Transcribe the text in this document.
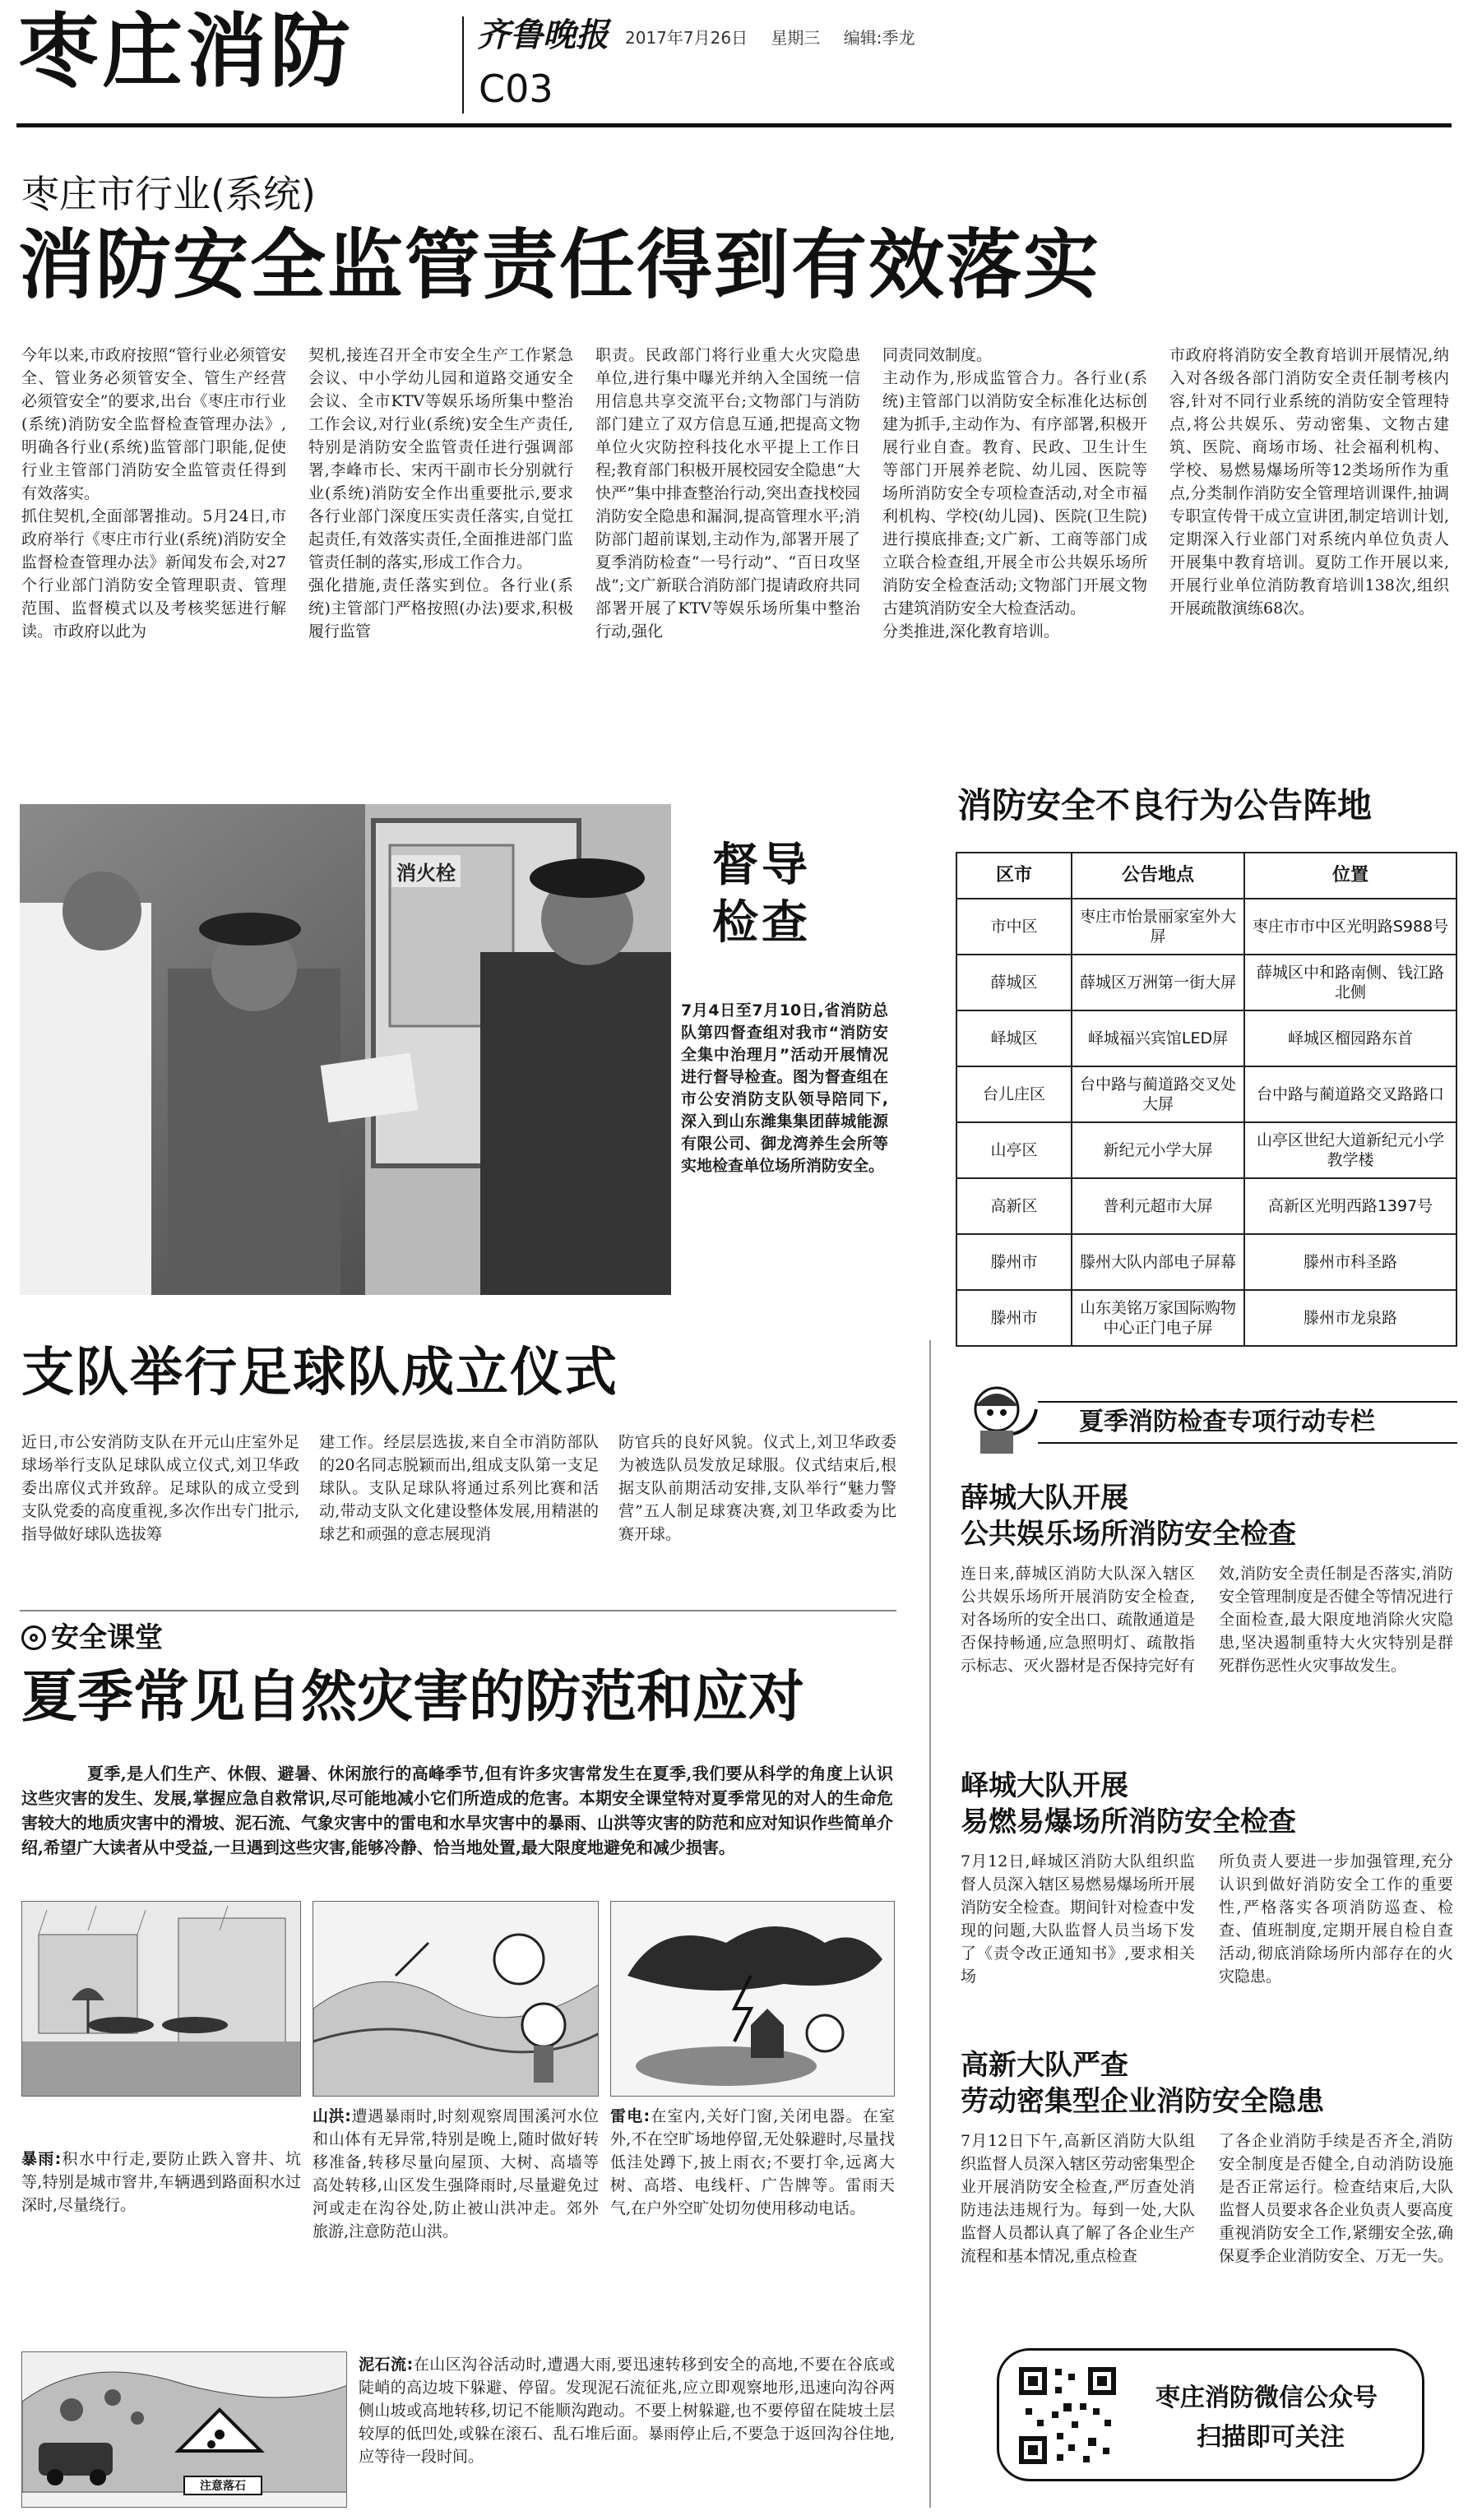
枣庄消防	齐鲁晚报
C03
2017年7月26日 星期三 编辑:季龙
枣庄市行业(系统)
消防安全监管责任得到有效落实
今年以来,市政府按照“管行业必须管安全、管业务必须管安全、管生产经营必须管安全”的要求,出台《枣庄市行业(系统)消防安全监督检查管理办法》,明确各行业(系统)监管部门职能,促使行业主管部门消防安全监管责任得到有效落实。
抓住契机,全面部署推动。5月24日,市政府举行《枣庄市行业(系统)消防安全监督检查管理办法》新闻发布会,对27个行业部门消防安全管理职责、管理范围、监督模式以及考核奖惩进行解读。市政府以此为
契机,接连召开全市安全生产工作紧急会议、中小学幼儿园和道路交通安全会议、全市KTV等娱乐场所集中整治工作会议,对行业(系统)安全生产责任,特别是消防安全监管责任进行强调部署,李峰市长、宋丙干副市长分别就行业(系统)消防安全作出重要批示,要求各行业部门深度压实责任落实,自觉扛起责任,有效落实责任,全面推进部门监管责任制的落实,形成工作合力。
强化措施,责任落实到位。各行业(系统)主管部门严格按照(办法)要求,积极履行监管
职责。民政部门将行业重大火灾隐患单位,进行集中曝光并纳入全国统一信用信息共享交流平台;文物部门与消防部门建立了双方信息互通,把提高文物单位火灾防控科技化水平提上工作日程;教育部门积极开展校园安全隐患“大快严”集中排查整治行动,突出查找校园消防安全隐患和漏洞,提高管理水平;消防部门超前谋划,主动作为,部署开展了夏季消防检查“一号行动”、“百日攻坚战”;文广新联合消防部门提请政府共同部署开展了KTV等娱乐场所集中整治行动,强化
同责同效制度。
主动作为,形成监管合力。各行业(系统)主管部门以消防安全标准化达标创建为抓手,主动作为、有序部署,积极开展行业自查。教育、民政、卫生计生等部门开展养老院、幼儿园、医院等场所消防安全专项检查活动,对全市福利机构、学校(幼儿园)、医院(卫生院)进行摸底排查;文广新、工商等部门成立联合检查组,开展全市公共娱乐场所消防安全检查活动;文物部门开展文物古建筑消防安全大检查活动。
分类推进,深化教育培训。
市政府将消防安全教育培训开展情况,纳入对各级各部门消防安全责任制考核内容,针对不同行业系统的消防安全管理特点,将公共娱乐、劳动密集、文物古建筑、医院、商场市场、社会福利机构、学校、易燃易爆场所等12类场所作为重点,分类制作消防安全管理培训课件,抽调专职宣传骨干成立宣讲团,制定培训计划,定期深入行业部门对系统内单位负责人开展集中教育培训。夏防工作开展以来,开展行业单位消防教育培训138次,组织开展疏散演练68次。
消火栓	督导检查
7月4日至7月10日,省消防总队第四督查组对我市“消防安全集中治理月”活动开展情况进行督导检查。图为督查组在市公安消防支队领导陪同下,深入到山东潍集集团薛城能源有限公司、御龙湾养生会所等实地检查单位场所消防安全。
消防安全不良行为公告阵地
区市	公告地点	位置
市中区	枣庄市怡景丽家室外大屏	枣庄市市中区光明路S988号
薛城区	薛城区万洲第一街大屏	薛城区中和路南侧、钱江路北侧
峄城区	峄城福兴宾馆LED屏	峄城区榴园路东首
台儿庄区	台中路与蔺道路交叉处大屏	台中路与蔺道路交叉路路口
山亭区	新纪元小学大屏	山亭区世纪大道新纪元小学教学楼
高新区	普利元超市大屏	高新区光明西路1397号
滕州市	滕州大队内部电子屏幕	滕州市科圣路
滕州市	山东美铭万家国际购物中心正门电子屏	滕州市龙泉路
支队举行足球队成立仪式
近日,市公安消防支队在开元山庄室外足球场举行支队足球队成立仪式,刘卫华政委出席仪式并致辞。足球队的成立受到支队党委的高度重视,多次作出专门批示,指导做好球队选拔筹
建工作。经层层选拔,来自全市消防部队的20名同志脱颖而出,组成支队第一支足球队。支队足球队将通过系列比赛和活动,带动支队文化建设整体发展,用精湛的球艺和顽强的意志展现消
防官兵的良好风貌。仪式上,刘卫华政委为被选队员发放足球服。仪式结束后,根据支队前期活动安排,支队举行“魅力警营”五人制足球赛决赛,刘卫华政委为比赛开球。
安全课堂
夏季常见自然灾害的防范和应对
夏季,是人们生产、休假、避暑、休闲旅行的高峰季节,但有许多灾害常发生在夏季,我们要从科学的角度上认识这些灾害的发生、发展,掌握应急自救常识,尽可能地减小它们所造成的危害。本期安全课堂特对夏季常见的对人的生命危害较大的地质灾害中的滑坡、泥石流、气象灾害中的雷电和水旱灾害中的暴雨、山洪等灾害的防范和应对知识作些简单介绍,希望广大读者从中受益,一旦遇到这些灾害,能够冷静、恰当地处置,最大限度地避免和减少损害。
暴雨:积水中行走,要防止跌入窨井、坑等,特别是城市窨井,车辆遇到路面积水过深时,尽量绕行。
山洪:遭遇暴雨时,时刻观察周围溪河水位和山体有无异常,特别是晚上,随时做好转移准备,转移尽量向屋顶、大树、高墙等高处转移,山区发生强降雨时,尽量避免过河或走在沟谷处,防止被山洪冲走。郊外旅游,注意防范山洪。
雷电:在室内,关好门窗,关闭电器。在室外,不在空旷场地停留,无处躲避时,尽量找低洼处蹲下,披上雨衣;不要打伞,远离大树、高塔、电线杆、广告牌等。雷雨天气,在户外空旷处切勿使用移动电话。
注意落石
泥石流:在山区沟谷活动时,遭遇大雨,要迅速转移到安全的高地,不要在谷底或陡峭的高边坡下躲避、停留。发现泥石流征兆,应立即观察地形,迅速向沟谷两侧山坡或高地转移,切记不能顺沟跑动。不要上树躲避,也不要停留在陡坡土层较厚的低凹处,或躲在滚石、乱石堆后面。暴雨停止后,不要急于返回沟谷住地,应等待一段时间。
夏季消防检查专项行动专栏
薛城大队开展
公共娱乐场所消防安全检查
连日来,薛城区消防大队深入辖区公共娱乐场所开展消防安全检查,对各场所的安全出口、疏散通道是否保持畅通,应急照明灯、疏散指示标志、灭火器材是否保持完好有
效,消防安全责任制是否落实,消防安全管理制度是否健全等情况进行全面检查,最大限度地消除火灾隐患,坚决遏制重特大火灾特别是群死群伤恶性火灾事故发生。
峄城大队开展
易燃易爆场所消防安全检查
7月12日,峄城区消防大队组织监督人员深入辖区易燃易爆场所开展消防安全检查。期间针对检查中发现的问题,大队监督人员当场下发了《责令改正通知书》,要求相关场
所负责人要进一步加强管理,充分认识到做好消防安全工作的重要性,严格落实各项消防巡查、检查、值班制度,定期开展自检自查活动,彻底消除场所内部存在的火灾隐患。
高新大队严查
劳动密集型企业消防安全隐患
7月12日下午,高新区消防大队组织监督人员深入辖区劳动密集型企业开展消防安全检查,严厉查处消防违法违规行为。每到一处,大队监督人员都认真了解了各企业生产流程和基本情况,重点检查
了各企业消防手续是否齐全,消防安全制度是否健全,自动消防设施是否正常运行。检查结束后,大队监督人员要求各企业负责人要高度重视消防安全工作,紧绷安全弦,确保夏季企业消防安全、万无一失。
枣庄消防微信公众号
扫描即可关注
